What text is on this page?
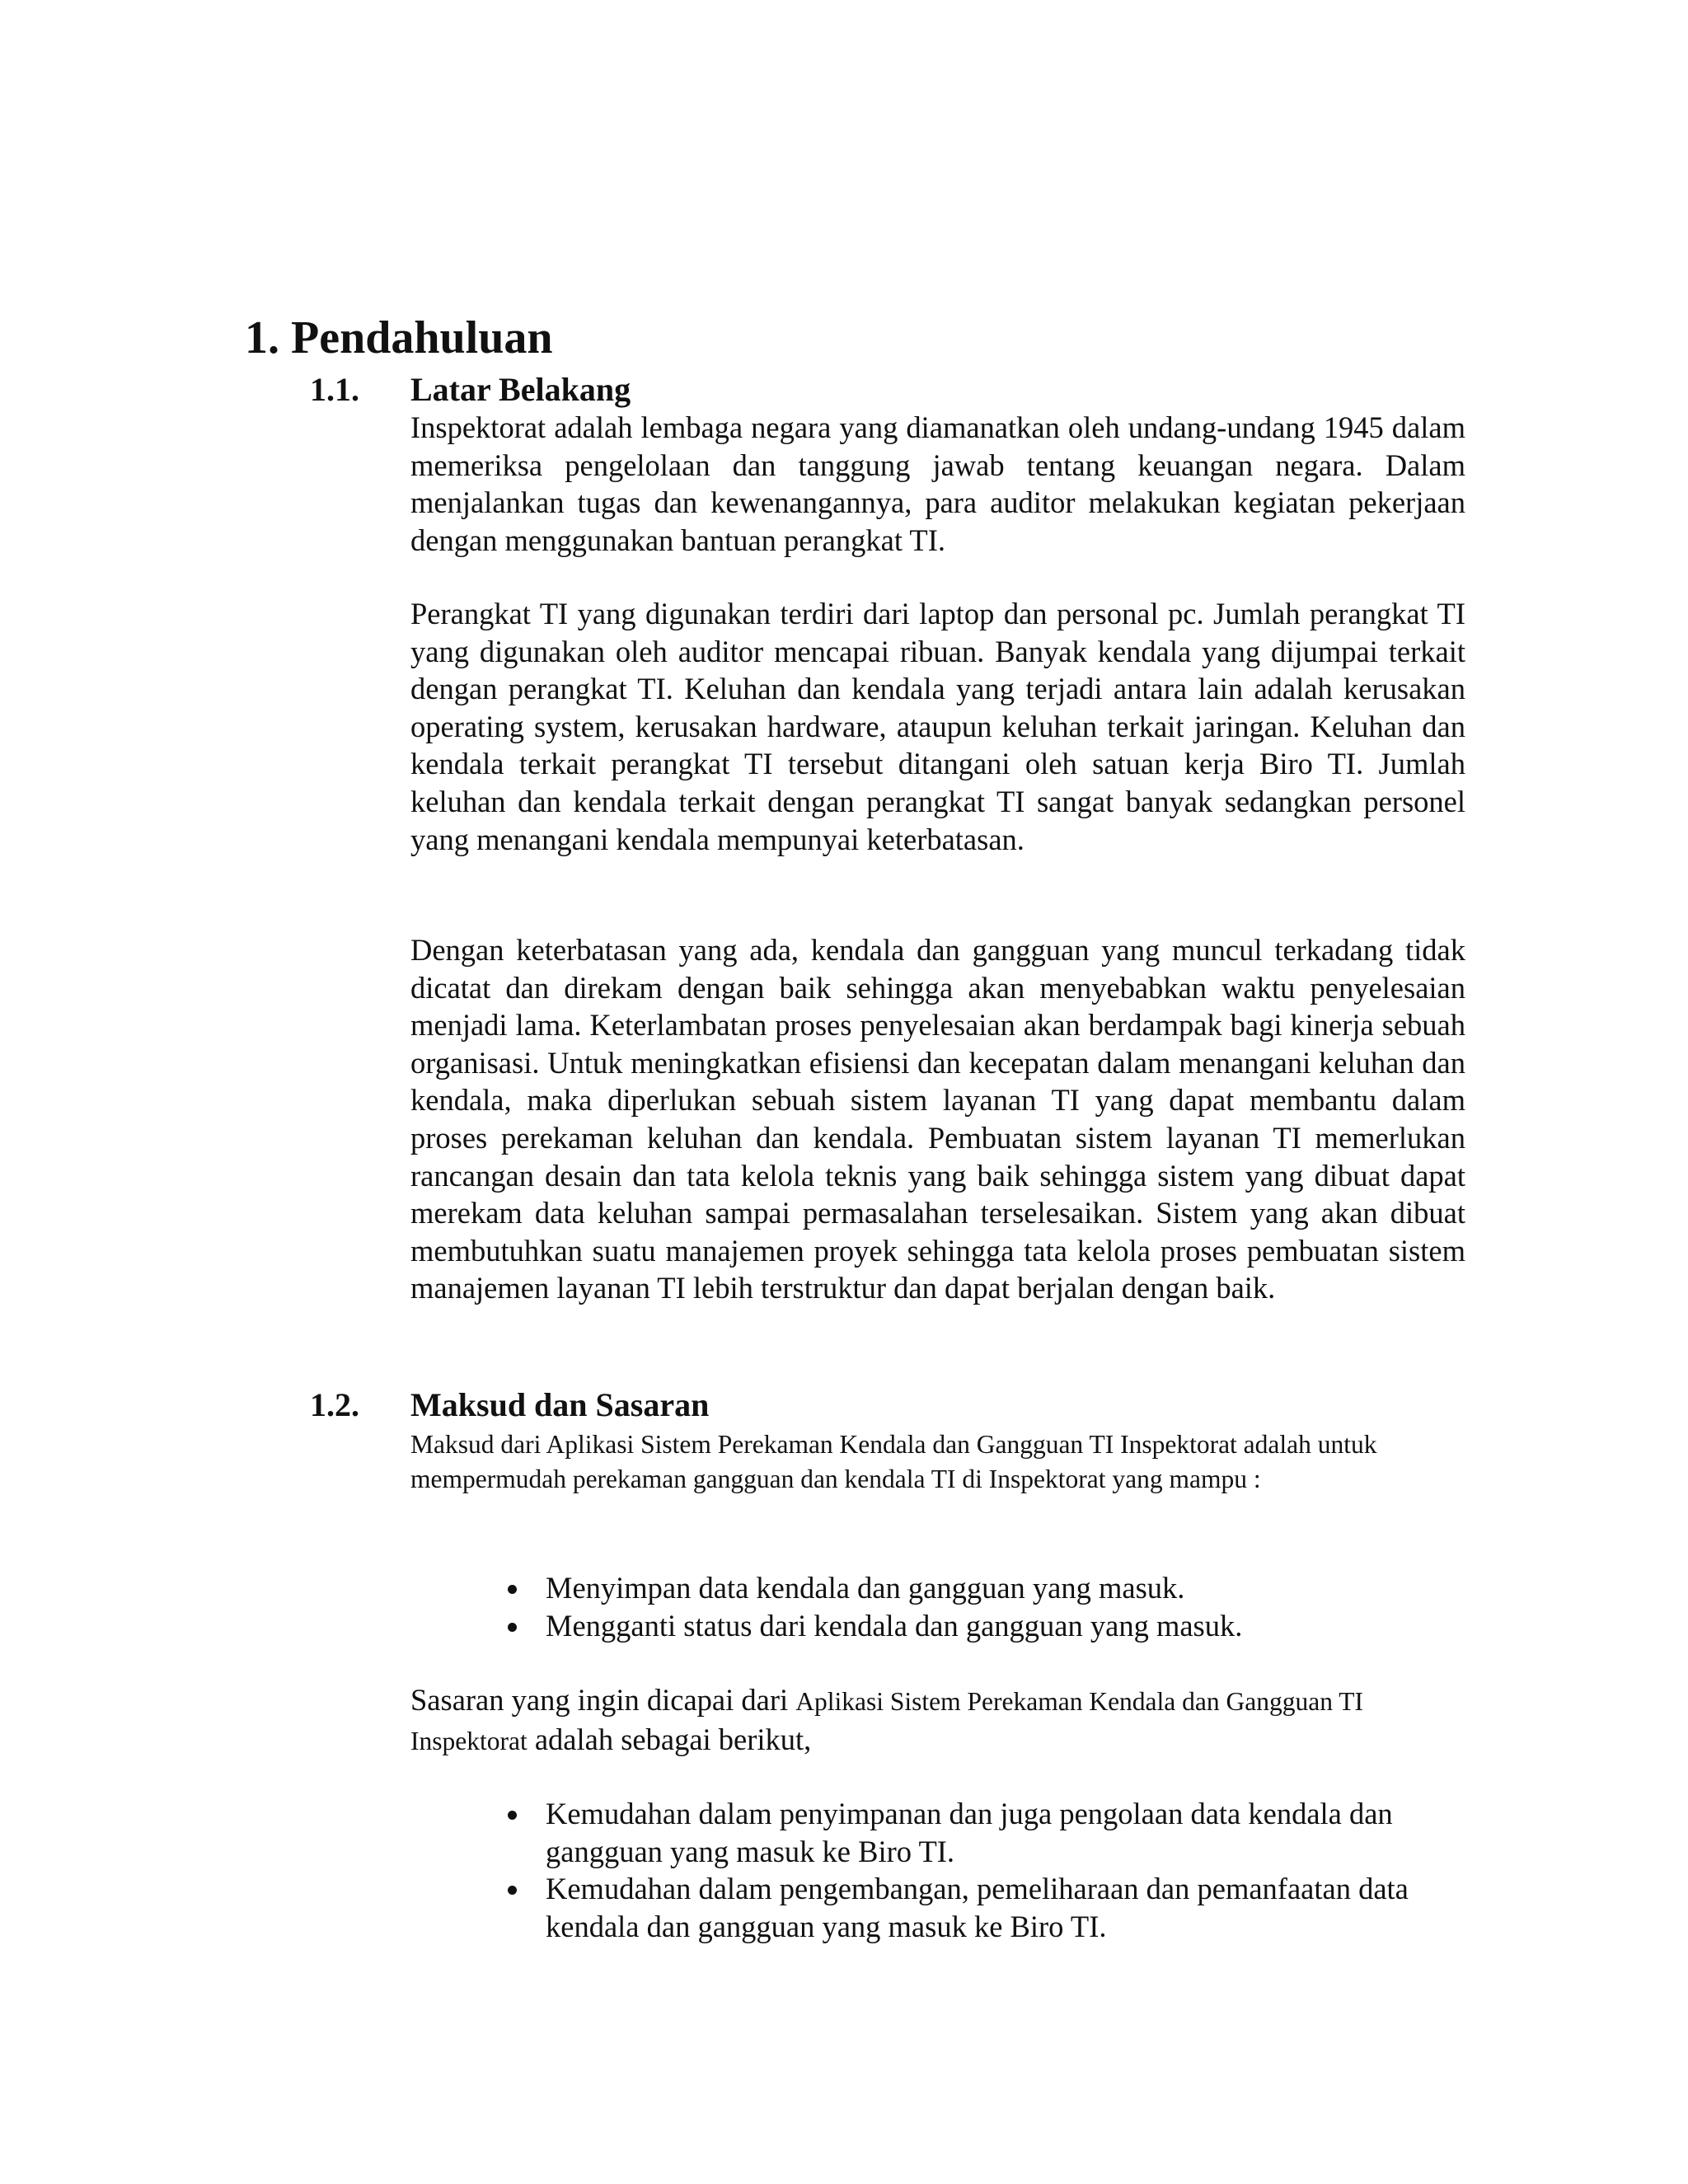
1. Pendahuluan
1.1. Latar Belakang

Inspektorat adalah lembaga negara yang diamanatkan oleh undang-undang 1945 dalam memeriksa pengelolaan dan tanggung jawab tentang keuangan negara. Dalam menjalankan tugas dan kewenangannya, para auditor melakukan kegiatan pekerjaan dengan menggunakan bantuan perangkat TI.

Perangkat TI yang digunakan terdiri dari laptop dan personal pc. Jumlah perangkat TI yang digunakan oleh auditor mencapai ribuan. Banyak kendala yang dijumpai terkait dengan perangkat TI. Keluhan dan kendala yang terjadi antara lain adalah kerusakan operating system, kerusakan hardware, ataupun keluhan terkait jaringan. Keluhan dan kendala terkait perangkat TI tersebut ditangani oleh satuan kerja Biro TI. Jumlah keluhan dan kendala terkait dengan perangkat TI sangat banyak sedangkan personel yang menangani kendala mempunyai keterbatasan.

Dengan keterbatasan yang ada, kendala dan gangguan yang muncul terkadang tidak dicatat dan direkam dengan baik sehingga akan menyebabkan waktu penyelesaian menjadi lama. Keterlambatan proses penyelesaian akan berdampak bagi kinerja sebuah organisasi. Untuk meningkatkan efisiensi dan kecepatan dalam menangani keluhan dan kendala, maka diperlukan sebuah sistem layanan TI yang dapat membantu dalam proses perekaman keluhan dan kendala. Pembuatan sistem layanan TI memerlukan rancangan desain dan tata kelola teknis yang baik sehingga sistem yang dibuat dapat merekam data keluhan sampai permasalahan terselesaikan. Sistem yang akan dibuat membutuhkan suatu manajemen proyek sehingga tata kelola proses pembuatan sistem manajemen layanan TI lebih terstruktur dan dapat berjalan dengan baik.

1.2. Maksud dan Sasaran

Maksud dari Aplikasi Sistem Perekaman Kendala dan Gangguan TI Inspektorat adalah untuk mempermudah perekaman gangguan dan kendala TI di Inspektorat yang mampu :

Menyimpan data kendala dan gangguan yang masuk.
Mengganti status dari kendala dan gangguan yang masuk.

Sasaran yang ingin dicapai dari Aplikasi Sistem Perekaman Kendala dan Gangguan TI Inspektorat adalah sebagai berikut,

Kemudahan dalam penyimpanan dan juga pengolaan data kendala dan gangguan yang masuk ke Biro TI.
Kemudahan dalam pengembangan, pemeliharaan dan pemanfaatan data kendala dan gangguan yang masuk ke Biro TI.
